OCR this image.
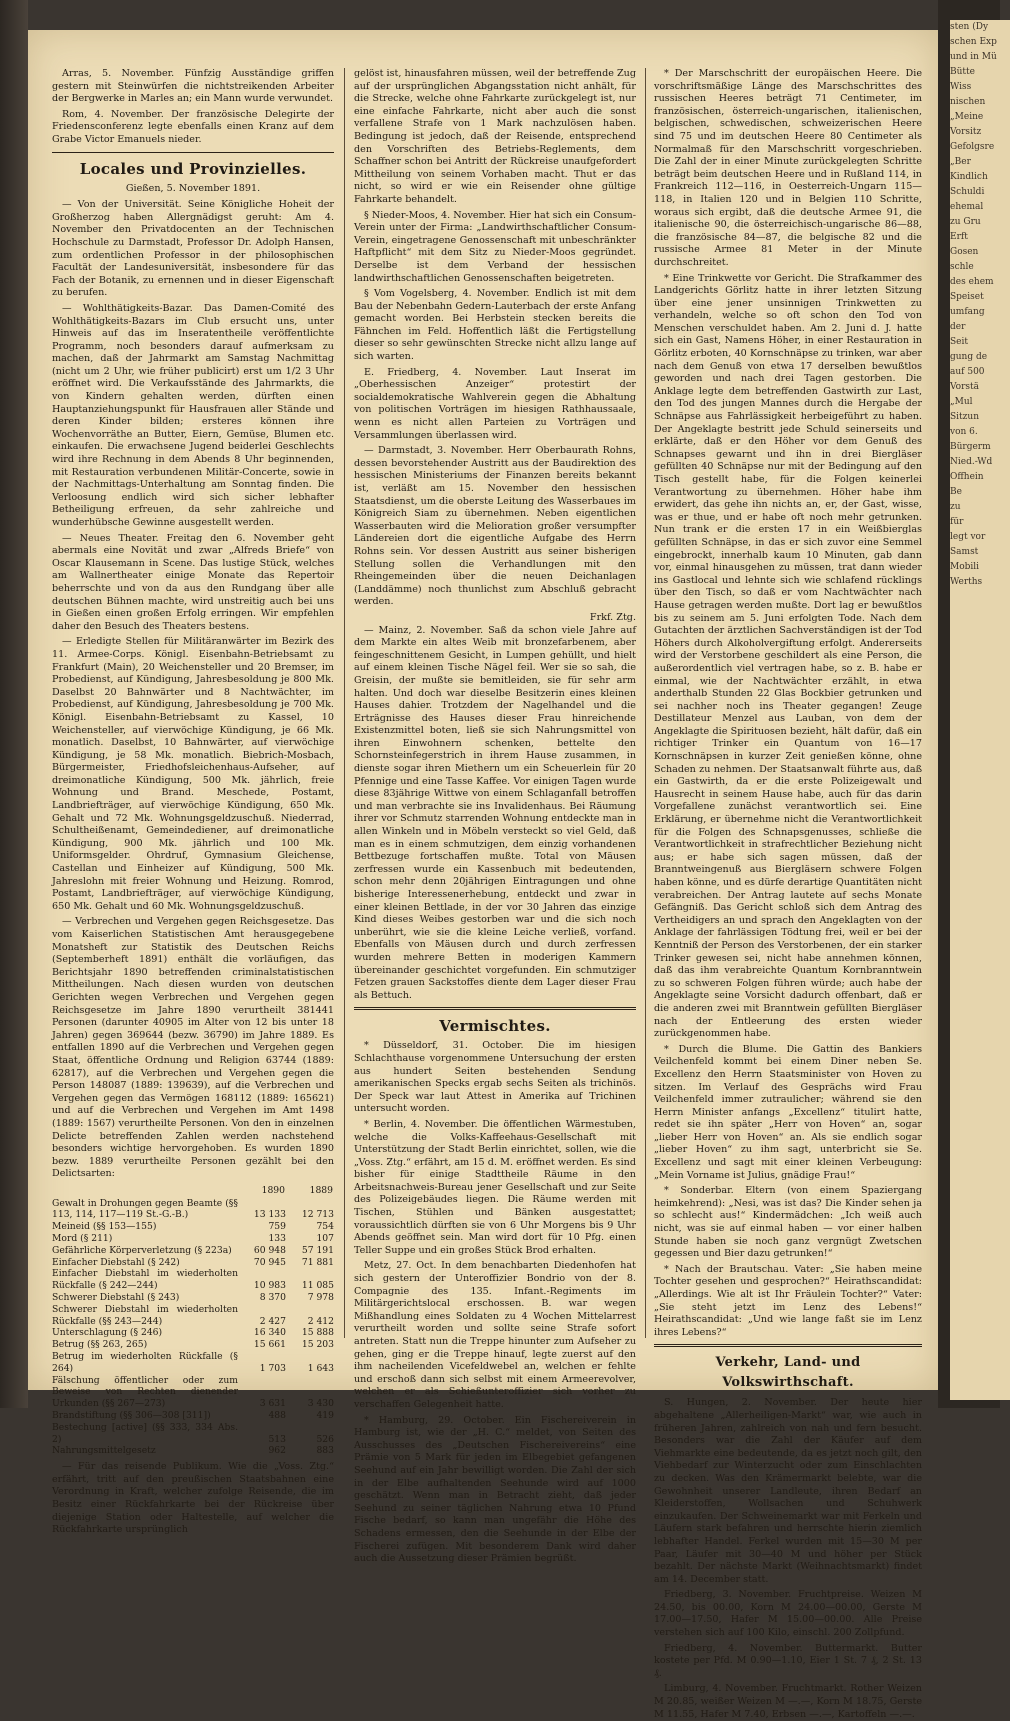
sten (Dy
schen Exp
und in Mü
Bütte
Wiss
nischen
„Meine
Vorsitz
Gefolgsre
„Ber
Kindlich
Schuldi
ehemal
zu Gru
Erft
Gosen
schle
des ehem
Speiset
umfang
der
Seit
gung de
auf 500
Vorstä
„Mul
Sitzun
von 6.
Bürgerm
Nied.-Wd
Offhein
Be
zu
für
legt vor
Samst
Mobili
Werths

Arras, 5. November. Fünfzig Ausständige griffen gestern mit Steinwürfen die nichtstreikenden Arbeiter der Bergwerke in Marles an; ein Mann wurde verwundet.

Rom, 4. November. Der französische Delegirte der Friedensconferenz legte ebenfalls einen Kranz auf dem Grabe Victor Emanuels nieder.

Locales und Provinzielles.
Gießen, 5. November 1891.

— Von der Universität. Seine Königliche Hoheit der Großherzog haben Allergnädigst geruht: Am 4. November den Privatdocenten an der Technischen Hochschule zu Darmstadt, Professor Dr. Adolph Hansen, zum ordentlichen Professor in der philosophischen Facultät der Landesuniversität, insbesondere für das Fach der Botanik, zu ernennen und in dieser Eigenschaft zu berufen.

— Wohlthätigkeits-Bazar. Das Damen-Comité des Wohlthätigkeits-Bazars im Club ersucht uns, unter Hinweis auf das im Inseratentheile veröffentlichte Programm, noch besonders darauf aufmerksam zu machen, daß der Jahrmarkt am Samstag Nachmittag (nicht um 2 Uhr, wie früher publicirt) erst um 1/2 3 Uhr eröffnet wird. Die Verkaufsstände des Jahrmarkts, die von Kindern gehalten werden, dürften einen Hauptanziehungspunkt für Hausfrauen aller Stände und deren Kinder bilden; ersteres können ihre Wochenvorräthe an Butter, Eiern, Gemüse, Blumen etc. einkaufen. Die erwachsene Jugend beiderlei Geschlechts wird ihre Rechnung in dem Abends 8 Uhr beginnenden, mit Restauration verbundenen Militär-Concerte, sowie in der Nachmittags-Unterhaltung am Sonntag finden. Die Verloosung endlich wird sich sicher lebhafter Betheiligung erfreuen, da sehr zahlreiche und wunderhübsche Gewinne ausgestellt werden.

— Neues Theater. Freitag den 6. November geht abermals eine Novität und zwar „Alfreds Briefe“ von Oscar Klausemann in Scene. Das lustige Stück, welches am Wallnertheater einige Monate das Repertoir beherrschte und von da aus den Rundgang über alle deutschen Bühnen machte, wird unstreitig auch bei uns in Gießen einen großen Erfolg erringen. Wir empfehlen daher den Besuch des Theaters bestens.

— Erledigte Stellen für Militäranwärter im Bezirk des 11. Armee-Corps. Königl. Eisenbahn-Betriebsamt zu Frankfurt (Main), 20 Weichensteller und 20 Bremser, im Probedienst, auf Kündigung, Jahresbesoldung je 800 Mk. Daselbst 20 Bahnwärter und 8 Nachtwächter, im Probedienst, auf Kündigung, Jahresbesoldung je 700 Mk. Königl. Eisenbahn-Betriebsamt zu Kassel, 10 Weichensteller, auf vierwöchige Kündigung, je 66 Mk. monatlich. Daselbst, 10 Bahnwärter, auf vierwöchige Kündigung, je 58 Mk. monatlich. Biebrich-Mosbach, Bürgermeister, Friedhofsleichenhaus-Aufseher, auf dreimonatliche Kündigung, 500 Mk. jährlich, freie Wohnung und Brand. Meschede, Postamt, Landbriefträger, auf vierwöchige Kündigung, 650 Mk. Gehalt und 72 Mk. Wohnungsgeldzuschuß. Niederrad, Schultheißenamt, Gemeindediener, auf dreimonatliche Kündigung, 900 Mk. jährlich und 100 Mk. Uniformsgelder. Ohrdruf, Gymnasium Gleichense, Castellan und Einheizer auf Kündigung, 500 Mk. Jahreslohn mit freier Wohnung und Heizung. Romrod, Postamt, Landbriefträger, auf vierwöchige Kündigung, 650 Mk. Gehalt und 60 Mk. Wohnungsgeldzuschuß.

— Verbrechen und Vergehen gegen Reichsgesetze. Das vom Kaiserlichen Statistischen Amt herausgegebene Monatsheft zur Statistik des Deutschen Reichs (Septemberheft 1891) enthält die vorläufigen, das Berichtsjahr 1890 betreffenden criminalstatistischen Mittheilungen. Nach diesen wurden von deutschen Gerichten wegen Verbrechen und Vergehen gegen Reichsgesetze im Jahre 1890 verurtheilt 381441 Personen (darunter 40905 im Alter von 12 bis unter 18 Jahren) gegen 369644 (bezw. 36790) im Jahre 1889. Es entfallen 1890 auf die Verbrechen und Vergehen gegen Staat, öffentliche Ordnung und Religion 63744 (1889: 62817), auf die Verbrechen und Vergehen gegen die Person 148087 (1889: 139639), auf die Verbrechen und Vergehen gegen das Vermögen 168112 (1889: 165621) und auf die Verbrechen und Vergehen im Amt 1498 (1889: 1567) verurtheilte Personen. Von den in einzelnen Delicte betreffenden Zahlen werden nachstehend besonders wichtige hervorgehoben. Es wurden 1890 bezw. 1889 verurtheilte Personen gezählt bei den Delictsarten:

	1890	1889
Gewalt in Drohungen gegen Beamte (§§ 113, 114, 117—119 St.-G.-B.)	13 133	12 713
Meineid (§§ 153—155)	759	754
Mord (§ 211)	133	107
Gefährliche Körperverletzung (§ 223a)	60 948	57 191
Einfacher Diebstahl (§ 242)	70 945	71 881
Einfacher Diebstahl im wiederholten Rückfalle (§ 242—244)	10 983	11 085
Schwerer Diebstahl (§ 243)	8 370	7 978
Schwerer Diebstahl im wiederholten Rückfalle (§§ 243—244)	2 427	2 412
Unterschlagung (§ 246)	16 340	15 888
Betrug (§§ 263, 265)	15 661	15 203
Betrug im wiederholten Rückfalle (§ 264)	1 703	1 643
Fälschung öffentlicher oder zum Beweise von Rechten dienender Urkunden (§§ 267—273)	3 631	3 430
Brandstiftung (§§ 306—308 [311])	488	419
Bestechung [active] (§§ 333, 334 Abs. 2)	513	526
Nahrungsmittelgesetz	962	883

— Für das reisende Publikum. Wie die „Voss. Ztg.“ erfährt, tritt auf den preußischen Staatsbahnen eine Verordnung in Kraft, welcher zufolge Reisende, die im Besitz einer Rückfahrkarte bei der Rückreise über diejenige Station oder Haltestelle, auf welcher die Rückfahrkarte ursprünglich

gelöst ist, hinausfahren müssen, weil der betreffende Zug auf der ursprünglichen Abgangsstation nicht anhält, für die Strecke, welche ohne Fahrkarte zurückgelegt ist, nur eine einfache Fahrkarte, nicht aber auch die sonst verfallene Strafe von 1 Mark nachzulösen haben. Bedingung ist jedoch, daß der Reisende, entsprechend den Vorschriften des Betriebs-Reglements, dem Schaffner schon bei Antritt der Rückreise unaufgefordert Mittheilung von seinem Vorhaben macht. Thut er das nicht, so wird er wie ein Reisender ohne gültige Fahrkarte behandelt.

§ Nieder-Moos, 4. November. Hier hat sich ein Consum-Verein unter der Firma: „Landwirthschaftlicher Consum-Verein, eingetragene Genossenschaft mit unbeschränkter Haftpflicht“ mit dem Sitz zu Nieder-Moos gegründet. Derselbe ist dem Verband der hessischen landwirthschaftlichen Genossenschaften beigetreten.

§ Vom Vogelsberg, 4. November. Endlich ist mit dem Bau der Nebenbahn Gedern-Lauterbach der erste Anfang gemacht worden. Bei Herbstein stecken bereits die Fähnchen im Feld. Hoffentlich läßt die Fertigstellung dieser so sehr gewünschten Strecke nicht allzu lange auf sich warten.

E. Friedberg, 4. November. Laut Inserat im „Oberhessischen Anzeiger“ protestirt der socialdemokratische Wahlverein gegen die Abhaltung von politischen Vorträgen im hiesigen Rathhaussaale, wenn es nicht allen Parteien zu Vorträgen und Versammlungen überlassen wird.

— Darmstadt, 3. November. Herr Oberbaurath Rohns, dessen bevorstehender Austritt aus der Baudirektion des hessischen Ministeriums der Finanzen bereits bekannt ist, verläßt am 15. November den hessischen Staatsdienst, um die oberste Leitung des Wasserbaues im Königreich Siam zu übernehmen. Neben eigentlichen Wasserbauten wird die Melioration großer versumpfter Ländereien dort die eigentliche Aufgabe des Herrn Rohns sein. Vor dessen Austritt aus seiner bisherigen Stellung sollen die Verhandlungen mit den Rheingemeinden über die neuen Deichanlagen (Landdämme) noch thunlichst zum Abschluß gebracht werden.

Frkf. Ztg.

— Mainz, 2. November. Saß da schon viele Jahre auf dem Markte ein altes Weib mit bronzefarbenem, aber feingeschnittenem Gesicht, in Lumpen gehüllt, und hielt auf einem kleinen Tische Nägel feil. Wer sie so sah, die Greisin, der mußte sie bemitleiden, sie für sehr arm halten. Und doch war dieselbe Besitzerin eines kleinen Hauses dahier. Trotzdem der Nagelhandel und die Erträgnisse des Hauses dieser Frau hinreichende Existenzmittel boten, ließ sie sich Nahrungsmittel von ihren Einwohnern schenken, bettelte den Schornsteinfegerstrich in ihrem Hause zusammen, in dienste sogar ihren Miethern um ein Scheuerlein für 20 Pfennige und eine Tasse Kaffee. Vor einigen Tagen wurde diese 83jährige Wittwe von einem Schlaganfall betroffen und man verbrachte sie ins Invalidenhaus. Bei Räumung ihrer vor Schmutz starrenden Wohnung entdeckte man in allen Winkeln und in Möbeln versteckt so viel Geld, daß man es in einem schmutzigen, dem einzig vorhandenen Bettbezuge fortschaffen mußte. Total von Mäusen zerfressen wurde ein Kassenbuch mit bedeutenden, schon mehr denn 20jährigen Eintragungen und ohne bisherige Interessenerhebung, entdeckt und zwar in einer kleinen Bettlade, in der vor 30 Jahren das einzige Kind dieses Weibes gestorben war und die sich noch unberührt, wie sie die kleine Leiche verließ, vorfand. Ebenfalls von Mäusen durch und durch zerfressen wurden mehrere Betten in moderigen Kammern übereinander geschichtet vorgefunden. Ein schmutziger Fetzen grauen Sackstoffes diente dem Lager dieser Frau als Bettuch.

Vermischtes.

* Düsseldorf, 31. October. Die im hiesigen Schlachthause vorgenommene Untersuchung der ersten aus hundert Seiten bestehenden Sendung amerikanischen Specks ergab sechs Seiten als trichinös. Der Speck war laut Attest in Amerika auf Trichinen untersucht worden.

* Berlin, 4. November. Die öffentlichen Wärmestuben, welche die Volks-Kaffeehaus-Gesellschaft mit Unterstützung der Stadt Berlin einrichtet, sollen, wie die „Voss. Ztg.“ erfährt, am 15 d. M. eröffnet werden. Es sind bisher für einige Stadttheile Räume in den Arbeitsnachweis-Bureau jener Gesellschaft und zur Seite des Polizeigebäudes liegen. Die Räume werden mit Tischen, Stühlen und Bänken ausgestattet; voraussichtlich dürften sie von 6 Uhr Morgens bis 9 Uhr Abends geöffnet sein. Man wird dort für 10 Pfg. einen Teller Suppe und ein großes Stück Brod erhalten.

Metz, 27. Oct. In dem benachbarten Diedenhofen hat sich gestern der Unteroffizier Bondrio von der 8. Compagnie des 135. Infant.-Regiments im Militärgerichtslocal erschossen. B. war wegen Mißhandlung eines Soldaten zu 4 Wochen Mittelarrest verurtheilt worden und sollte seine Strafe sofort antreten. Statt nun die Treppe hinunter zum Aufseher zu gehen, ging er die Treppe hinauf, legte zuerst auf den ihm nacheilenden Vicefeldwebel an, welchen er fehlte und erschoß dann sich selbst mit einem Armeerevolver, welchen er als Schießunteroffizier sich vorher zu verschaffen Gelegenheit hatte.

* Hamburg, 29. October. Ein Fischereiverein in Hamburg ist, wie der „H. C.“ meldet, von Seiten des Ausschusses des „Deutschen Fischereivereins“ eine Prämie von 5 Mark für jeden im Elbegebiet gefangenen Seehund auf ein Jahr bewilligt worden. Die Zahl der sich in der Elbe aufhaltenden Seehunde wird auf 1000 geschätzt. Wenn man in Betracht zieht, daß jeder Seehund zu seiner täglichen Nahrung etwa 10 Pfund Fische bedarf, so kann man ungefähr die Höhe des Schadens ermessen, den die Seehunde in der Elbe der Fischerei zufügen. Mit besonderem Dank wird daher auch die Aussetzung dieser Prämien begrüßt.

* Der Marschschritt der europäischen Heere. Die vorschriftsmäßige Länge des Marschschrittes des russischen Heeres beträgt 71 Centimeter, im französischen, österreich-ungarischen, italienischen, belgischen, schwedischen, schweizerischen Heere sind 75 und im deutschen Heere 80 Centimeter als Normalmaß für den Marschschritt vorgeschrieben. Die Zahl der in einer Minute zurückgelegten Schritte beträgt beim deutschen Heere und in Rußland 114, in Frankreich 112—116, in Oesterreich-Ungarn 115—118, in Italien 120 und in Belgien 110 Schritte, woraus sich ergibt, daß die deutsche Armee 91, die italienische 90, die österreichisch-ungarische 86—88, die französische 84—87, die belgische 82 und die russische Armee 81 Meter in der Minute durchschreitet.

* Eine Trinkwette vor Gericht. Die Strafkammer des Landgerichts Görlitz hatte in ihrer letzten Sitzung über eine jener unsinnigen Trinkwetten zu verhandeln, welche so oft schon den Tod von Menschen verschuldet haben. Am 2. Juni d. J. hatte sich ein Gast, Namens Höher, in einer Restauration in Görlitz erboten, 40 Kornschnäpse zu trinken, war aber nach dem Genuß von etwa 17 derselben bewußtlos geworden und nach drei Tagen gestorben. Die Anklage legte dem betreffenden Gastwirth zur Last, den Tod des jungen Mannes durch die Hergabe der Schnäpse aus Fahrlässigkeit herbeigeführt zu haben. Der Angeklagte bestritt jede Schuld seinerseits und erklärte, daß er den Höher vor dem Genuß des Schnapses gewarnt und ihn in drei Biergläser gefüllten 40 Schnäpse nur mit der Bedingung auf den Tisch gestellt habe, für die Folgen keinerlei Verantwortung zu übernehmen. Höher habe ihm erwidert, das gehe ihn nichts an, er, der Gast, wisse, was er thue, und er habe oft noch mehr getrunken. Nun trank er die ersten 17 in ein Weißbierglas gefüllten Schnäpse, in das er sich zuvor eine Semmel eingebrockt, innerhalb kaum 10 Minuten, gab dann vor, einmal hinausgehen zu müssen, trat dann wieder ins Gastlocal und lehnte sich wie schlafend rücklings über den Tisch, so daß er vom Nachtwächter nach Hause getragen werden mußte. Dort lag er bewußtlos bis zu seinem am 5. Juni erfolgten Tode. Nach dem Gutachten der ärztlichen Sachverständigen ist der Tod Höhers durch Alkoholvergiftung erfolgt. Andererseits wird der Verstorbene geschildert als eine Person, die außerordentlich viel vertragen habe, so z. B. habe er einmal, wie der Nachtwächter erzählt, in etwa anderthalb Stunden 22 Glas Bockbier getrunken und sei nachher noch ins Theater gegangen! Zeuge Destillateur Menzel aus Lauban, von dem der Angeklagte die Spirituosen bezieht, hält dafür, daß ein richtiger Trinker ein Quantum von 16—17 Kornschnäpsen in kurzer Zeit genießen könne, ohne Schaden zu nehmen. Der Staatsanwalt führte aus, daß ein Gastwirth, da er die erste Polizeigewalt und Hausrecht in seinem Hause habe, auch für das darin Vorgefallene zunächst verantwortlich sei. Eine Erklärung, er übernehme nicht die Verantwortlichkeit für die Folgen des Schnapsgenusses, schließe die Verantwortlichkeit in strafrechtlicher Beziehung nicht aus; er habe sich sagen müssen, daß der Branntweingenuß aus Biergläsern schwere Folgen haben könne, und es dürfe derartige Quantitäten nicht verabreichen. Der Antrag lautete auf sechs Monate Gefängniß. Das Gericht schloß sich dem Antrag des Vertheidigers an und sprach den Angeklagten von der Anklage der fahrlässigen Tödtung frei, weil er bei der Kenntniß der Person des Verstorbenen, der ein starker Trinker gewesen sei, nicht habe annehmen können, daß das ihm verabreichte Quantum Kornbranntwein zu so schweren Folgen führen würde; auch habe der Angeklagte seine Vorsicht dadurch offenbart, daß er die anderen zwei mit Branntwein gefüllten Biergläser nach der Entleerung des ersten wieder zurückgenommen habe.

* Durch die Blume. Die Gattin des Bankiers Veilchenfeld kommt bei einem Diner neben Se. Excellenz den Herrn Staatsminister von Hoven zu sitzen. Im Verlauf des Gesprächs wird Frau Veilchenfeld immer zutraulicher; während sie den Herrn Minister anfangs „Excellenz“ titulirt hatte, redet sie ihn später „Herr von Hoven“ an, sogar „lieber Herr von Hoven“ an. Als sie endlich sogar „lieber Hoven“ zu ihm sagt, unterbricht sie Se. Excellenz und sagt mit einer kleinen Verbeugung: „Mein Vorname ist Julius, gnädige Frau!“

* Sonderbar. Eltern (von einem Spaziergang heimkehrend): „Nesi, was ist das? Die Kinder sehen ja so schlecht aus!“ Kindermädchen: „Ich weiß auch nicht, was sie auf einmal haben — vor einer halben Stunde haben sie noch ganz vergnügt Zwetschen gegessen und Bier dazu getrunken!“

* Nach der Brautschau. Vater: „Sie haben meine Tochter gesehen und gesprochen?“ Heirathscandidat: „Allerdings. Wie alt ist Ihr Fräulein Tochter?“ Vater: „Sie steht jetzt im Lenz des Lebens!“ Heirathscandidat: „Und wie lange faßt sie im Lenz ihres Lebens?“

Verkehr, Land- und Volkswirthschaft.

S. Hungen, 2. November. Der heute hier abgehaltene „Allerheiligen-Markt“ war, wie auch in früheren Jahren, zahlreich von nah und fern besucht. Besonders war die Zahl der Käufer auf dem Viehmarkte eine bedeutende, da es jetzt noch gilt, den Viehbedarf zur Winterzucht oder zum Einschlachten zu decken. Was den Krämermarkt belebte, war die Gewohnheit unserer Landleute, ihren Bedarf an Kleiderstoffen, Wollsachen und Schuhwerk einzukaufen. Der Schweinemarkt war mit Ferkeln und Läufern stark befahren und herrschte hierin ziemlich lebhafter Handel. Ferkel wurden mit 15—30 M per Paar, Läufer mit 30—40 M und höher per Stück bezahlt. Der nächste Markt (Weihnachtsmarkt) findet am 14. December statt.

Friedberg, 3. November. Fruchtpreise. Weizen M 24.50, bis 00.00, Korn M 24.00—00.00, Gerste M 17.00—17.50, Hafer M 15.00—00.00. Alle Preise verstehen sich auf 100 Kilo, einschl. 200 Zollpfund.

Friedberg, 4. November. Buttermarkt. Butter kostete per Pfd. M 0.90—1.10, Eier 1 St. 7 ₰, 2 St. 13 ₰.

Limburg, 4. November. Fruchtmarkt. Rother Weizen M 20.85, weißer Weizen M —.—, Korn M 18.75, Gerste M 11.55, Hafer M 7.40, Erbsen —.—, Kartoffeln —.—.
